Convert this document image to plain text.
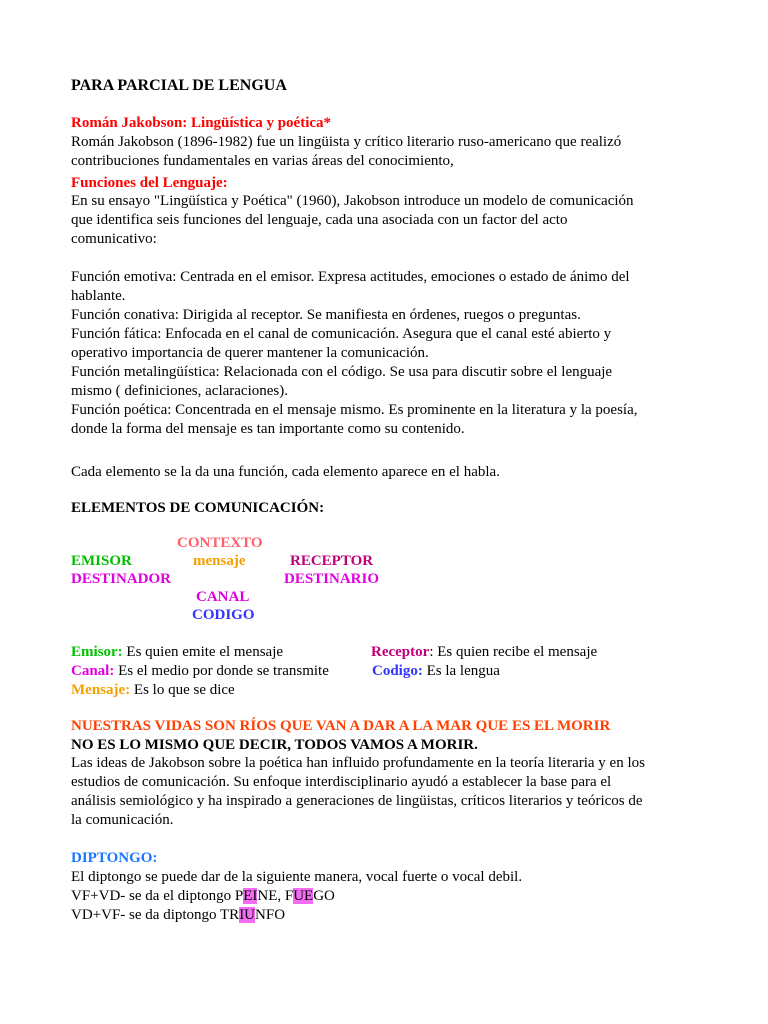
PARA PARCIAL DE LENGUA
Román Jakobson: Lingüística y poética*
Román Jakobson (1896-1982) fue un lingüista y crítico literario ruso-americano que realizó
contribuciones fundamentales en varias áreas del conocimiento,
Funciones del Lenguaje:
En su ensayo "Lingüística y Poética" (1960), Jakobson introduce un modelo de comunicación
que identifica seis funciones del lenguaje, cada una asociada con un factor del acto
comunicativo:
Función emotiva: Centrada en el emisor. Expresa actitudes, emociones o estado de ánimo del
hablante.
Función conativa: Dirigida al receptor. Se manifiesta en órdenes, ruegos o preguntas.
Función fática: Enfocada en el canal de comunicación. Asegura que el canal esté abierto y
operativo importancia de querer mantener la comunicación.
Función metalingüística: Relacionada con el código. Se usa para discutir sobre el lenguaje
mismo ( definiciones, aclaraciones).
Función poética: Concentrada en el mensaje mismo. Es prominente en la literatura y la poesía,
donde la forma del mensaje es tan importante como su contenido.
Cada elemento se la da una función, cada elemento aparece en el habla.
ELEMENTOS DE COMUNICACIÓN:
CONTEXTO
EMISOR	mensaje	RECEPTOR
DESTINADOR	DESTINARIO
CANAL
CODIGO
Emisor: Es quien emite el mensaje	Receptor: Es quien recibe el mensaje
Canal: Es el medio por donde se transmite	Codigo: Es la lengua
Mensaje: Es lo que se dice
NUESTRAS VIDAS SON RÍOS QUE VAN A DAR A LA MAR QUE ES EL MORIR
NO ES LO MISMO QUE DECIR, TODOS VAMOS A MORIR.
Las ideas de Jakobson sobre la poética han influido profundamente en la teoría literaria y en los
estudios de comunicación. Su enfoque interdisciplinario ayudó a establecer la base para el
análisis semiológico y ha inspirado a generaciones de lingüistas, críticos literarios y teóricos de
la comunicación.
DIPTONGO:
El diptongo se puede dar de la siguiente manera, vocal fuerte o vocal debil.
VF+VD- se da el diptongo PEINE, FUEGO
VD+VF- se da diptongo TRIUNFO
